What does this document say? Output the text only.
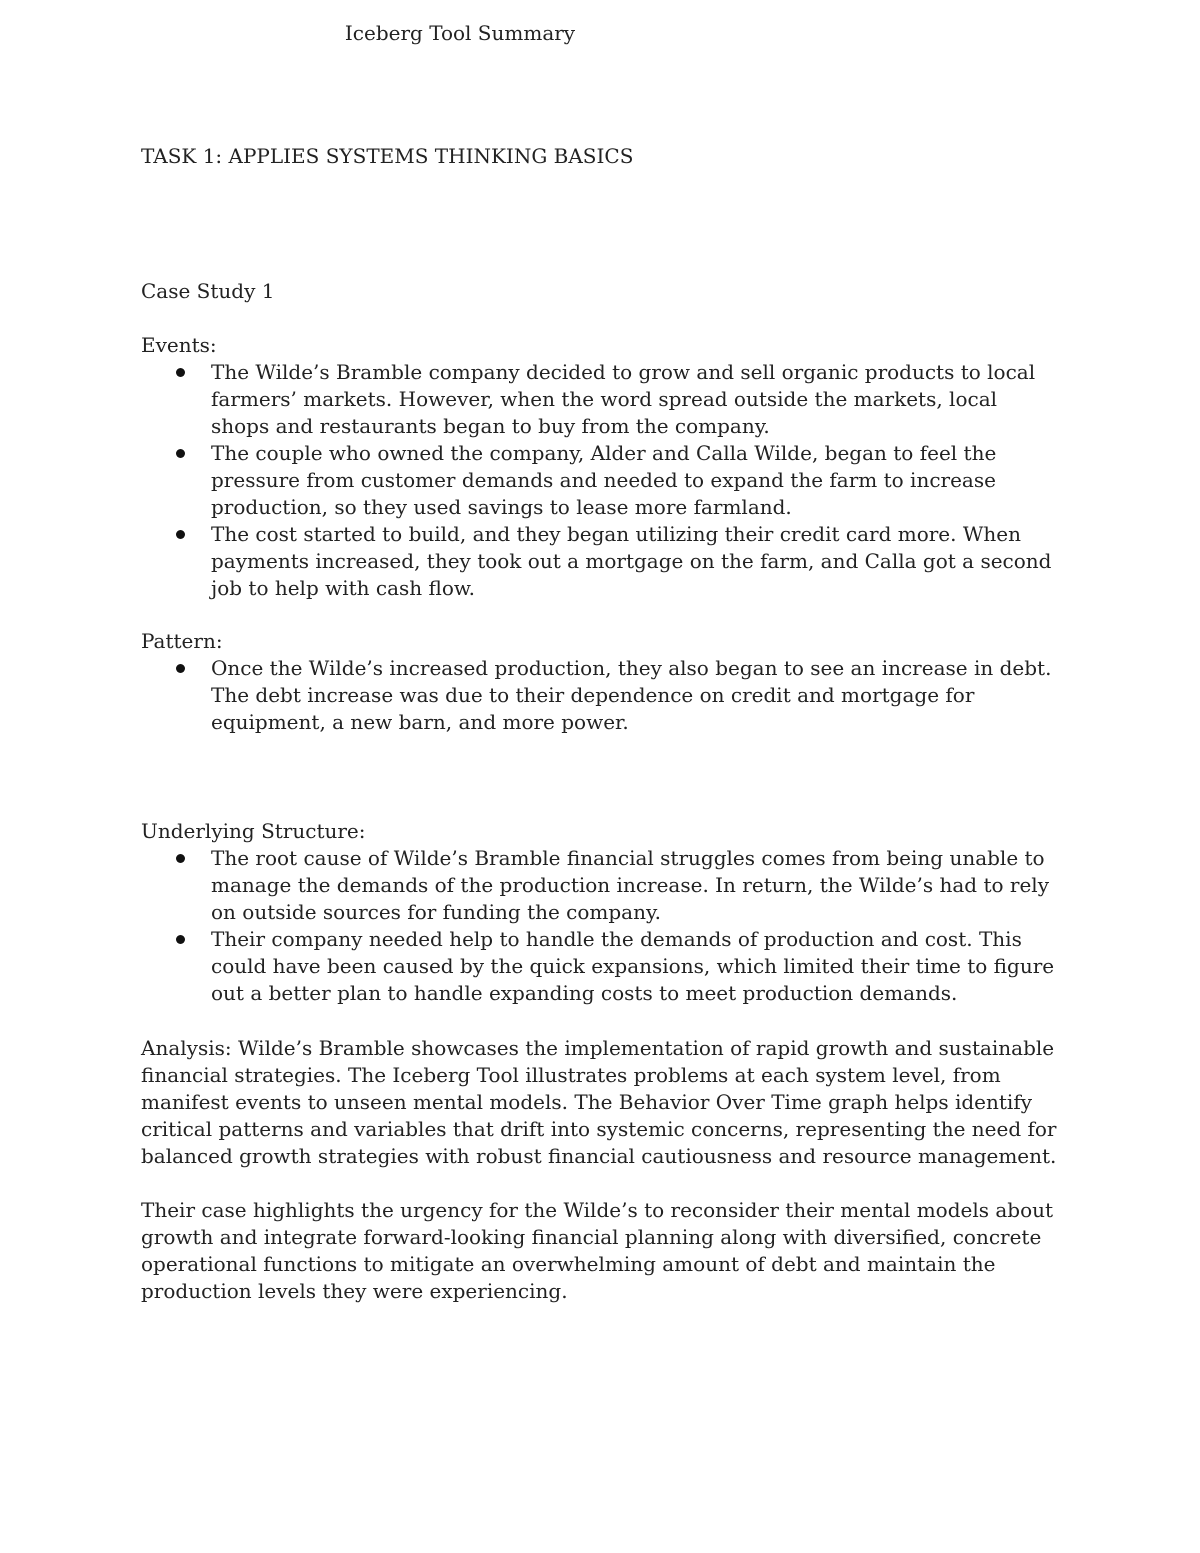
TASK 1: APPLIES SYSTEMS THINKING BASICS

Iceberg Tool Summary

Case Study 1

Events:

The Wilde’s Bramble company decided to grow and sell organic products to local farmers’ markets. However, when the word spread outside the markets, local shops and restaurants began to buy from the company.
The couple who owned the company, Alder and Calla Wilde, began to feel the pressure from customer demands and needed to expand the farm to increase production, so they used savings to lease more farmland.
The cost started to build, and they began utilizing their credit card more. When payments increased, they took out a mortgage on the farm, and Calla got a second job to help with cash flow.

Pattern:

Once the Wilde’s increased production, they also began to see an increase in debt. The debt increase was due to their dependence on credit and mortgage for equipment, a new barn, and more power.

Underlying Structure:

The root cause of Wilde’s Bramble financial struggles comes from being unable to manage the demands of the production increase. In return, the Wilde’s had to rely on outside sources for funding the company.
Their company needed help to handle the demands of production and cost. This could have been caused by the quick expansions, which limited their time to figure out a better plan to handle expanding costs to meet production demands.

Analysis: Wilde’s Bramble showcases the implementation of rapid growth and sustainable financial strategies. The Iceberg Tool illustrates problems at each system level, from manifest events to unseen mental models. The Behavior Over Time graph helps identify critical patterns and variables that drift into systemic concerns, representing the need for balanced growth strategies with robust financial cautiousness and resource management.

Their case highlights the urgency for the Wilde’s to reconsider their mental models about growth and integrate forward-looking financial planning along with diversified, concrete operational functions to mitigate an overwhelming amount of debt and maintain the production levels they were experiencing.
